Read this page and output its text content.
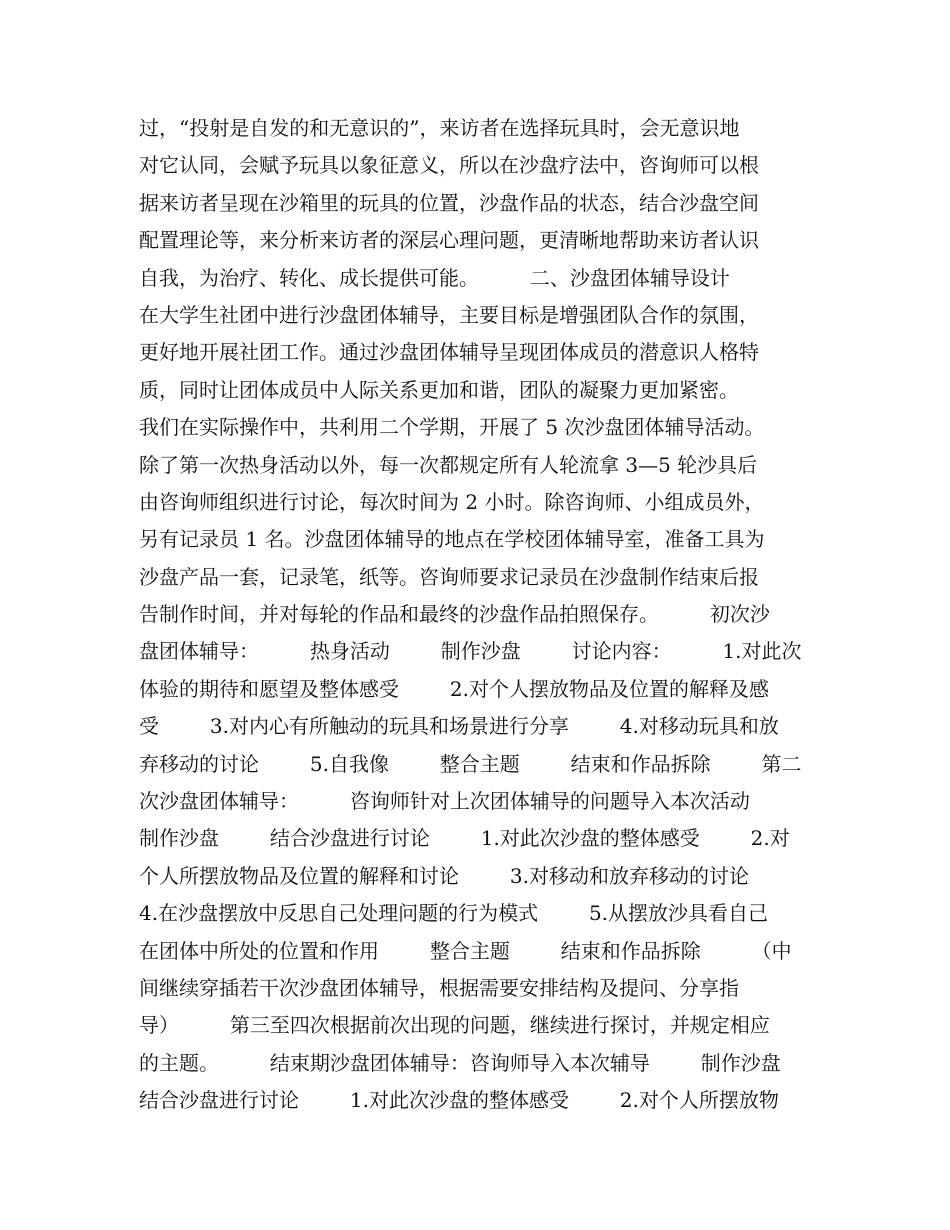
过，“投射是自发的和无意识的”，来访者在选择玩具时，会无意识地
对它认同，会赋予玩具以象征意义，所以在沙盘疗法中，咨询师可以根
据来访者呈现在沙箱里的玩具的位置，沙盘作品的状态，结合沙盘空间
配置理论等，来分析来访者的深层心理问题，更清晰地帮助来访者认识
自我，为治疗、转化、成长提供可能。        二、沙盘团体辅导设计
在大学生社团中进行沙盘团体辅导，主要目标是增强团队合作的氛围，
更好地开展社团工作。通过沙盘团体辅导呈现团体成员的潜意识人格特
质，同时让团体成员中人际关系更加和谐，团队的凝聚力更加紧密。
我们在实际操作中，共利用二个学期，开展了 5 次沙盘团体辅导活动。
除了第一次热身活动以外，每一次都规定所有人轮流拿 3—5 轮沙具后
由咨询师组织进行讨论，每次时间为 2 小时。除咨询师、小组成员外，
另有记录员 1 名。沙盘团体辅导的地点在学校团体辅导室，准备工具为
沙盘产品一套，记录笔，纸等。咨询师要求记录员在沙盘制作结束后报
告制作时间，并对每轮的作品和最终的沙盘作品拍照保存。        初次沙
盘团体辅导：        热身活动        制作沙盘        讨论内容：        1.对此次
体验的期待和愿望及整体感受        2.对个人摆放物品及位置的解释及感
受        3.对内心有所触动的玩具和场景进行分享        4.对移动玩具和放
弃移动的讨论        5.自我像        整合主题        结束和作品拆除        第二
次沙盘团体辅导：        咨询师针对上次团体辅导的问题导入本次活动
制作沙盘        结合沙盘进行讨论        1.对此次沙盘的整体感受        2.对
个人所摆放物品及位置的解释和讨论        3.对移动和放弃移动的讨论
4.在沙盘摆放中反思自己处理问题的行为模式        5.从摆放沙具看自己
在团体中所处的位置和作用        整合主题        结束和作品拆除        （中
间继续穿插若干次沙盘团体辅导，根据需要安排结构及提问、分享指
导）        第三至四次根据前次出现的问题，继续进行探讨，并规定相应
的主题。        结束期沙盘团体辅导：咨询师导入本次辅导        制作沙盘
结合沙盘进行讨论        1.对此次沙盘的整体感受        2.对个人所摆放物
